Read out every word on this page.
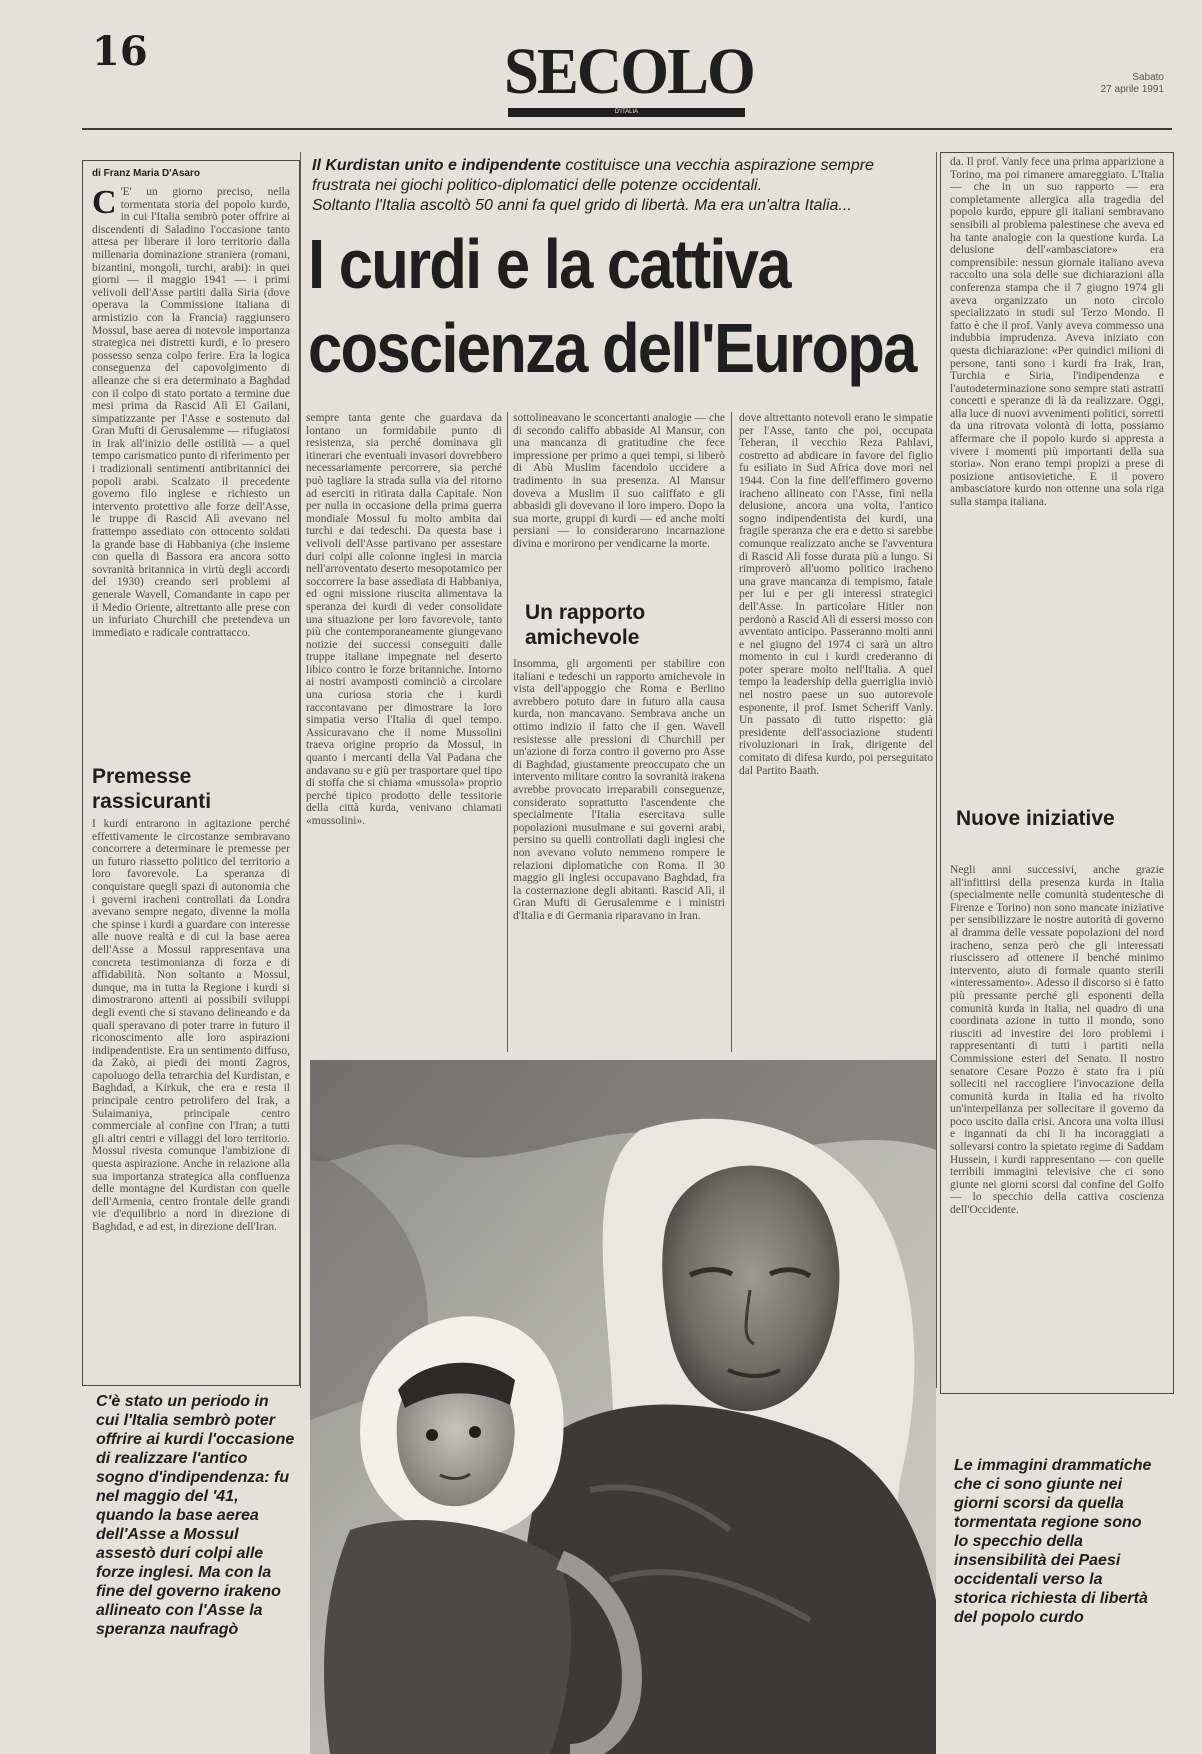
16	SECOLO
D'ITALIA
Sabato
27 aprile 1991
di Franz Maria D'Asaro
C 'E' un giorno preciso, nella tormentata storia del popolo kurdo, in cui l'Italia sembrò poter offrire ai discendenti di Saladino l'occasione tanto attesa per liberare il loro territorio dalla millenaria dominazione straniera (romani, bizantini, mongoli, turchi, arabi): in quei giorni — il maggio 1941 — i primi velivoli dell'Asse partiti dalla Siria (dove operava la Commissione italiana di armistizio con la Francia) raggiunsero Mossul, base aerea di notevole importanza strategica nei distretti kurdi, e lo presero possesso senza colpo ferire. Era la logica conseguenza del capovolgimento di alleanze che si era determinato a Baghdad con il colpo di stato portato a termine due mesi prima da Rascid Alì El Gailani, simpatizzante per l'Asse e sostenuto dal Gran Mufti di Gerusalemme — rifugiatosi in Irak all'inizio delle ostilità — a quel tempo carismatico punto di riferimento per i tradizionali sentimenti antibritannici dei popoli arabi. Scalzato il precedente governo filo inglese e richiesto un intervento protettivo alle forze dell'Asse, le truppe di Rascid Alì avevano nel frattempo assediato con ottocento soldati la grande base di Habbaniya (che insieme con quella di Bassora era ancora sotto sovranità britannica in virtù degli accordi del 1930) creando seri problemi al generale Wavell, Comandante in capo per il Medio Oriente, altrettanto alle prese con un infuriato Churchill che pretendeva un immediato e radicale contrattacco.
Premesse rassicuranti
I kurdi entrarono in agitazione perché effettivamente le circostanze sembravano concorrere a determinare le premesse per un futuro riassetto politico del territorio a loro favorevole. La speranza di conquistare quegli spazi di autonomia che i governi iracheni controllati da Londra avevano sempre negato, divenne la molla che spinse i kurdi a guardare con interesse alle nuove realtà e di cui la base aerea dell'Asse a Mossul rappresentava una concreta testimonianza di forza e di affidabilità. Non soltanto a Mossul, dunque, ma in tutta la Regione i kurdi si dimostrarono attenti ai possibili sviluppi degli eventi che si stavano delineando e da quali speravano di poter trarre in futuro il riconoscimento alle loro aspirazioni indipendentiste. Era un sentimento diffuso, da Zakò, ai piedi dei monti Zagros, capoluogo della tetrarchia del Kurdistan, e Baghdad, a Kirkuk, che era e resta il principale centro petrolifero del Irak, a Sulaimaniya, principale centro commerciale al confine con l'Iran; a tutti gli altri centri e villaggi del loro territorio. Mossul rivesta comunque l'ambizione di questa aspirazione. Anche in relazione alla sua importanza strategica alla confluenza delle montagne del Kurdistan con quelle dell'Armenia, centro frontale delle grandi vie d'equilibrio a nord in direzione di Baghdad, e ad est, in direzione dell'Iran.
Il Kurdistan unito e indipendente costituisce una vecchia aspirazione sempre frustrata nei giochi politico-diplomatici delle potenze occidentali.
Soltanto l'Italia ascoltò 50 anni fa quel grido di libertà. Ma era un'altra Italia...
I curdi e la cattiva
coscienza dell'Europa
sempre tanta gente che guardava da lontano un formidabile punto di resistenza, sia perché dominava gli itinerari che eventuali invasori dovrebbero necessariamente percorrere, sia perché può tagliare la strada sulla via del ritorno ad eserciti in ritirata dalla Capitale. Non per nulla in occasione della prima guerra mondiale Mossul fu molto ambita dai turchi e dai tedeschi. Da questa base i velivoli dell'Asse partivano per assestare duri colpi alle colonne inglesi in marcia nell'arroventato deserto mesopotamico per soccorrere la base assediata di Habbaniya, ed ogni missione riuscita alimentava la speranza dei kurdi di veder consolidate una situazione per loro favorevole, tanto più che contemporaneamente giungevano notizie dei successi conseguiti dalle truppe italiane impegnate nel deserto libico contro le forze britanniche. Intorno ai nostri avamposti cominciò a circolare una curiosa storia che i kurdi raccontavano per dimostrare la loro simpatia verso l'Italia di quel tempo. Assicuravano che il nome Mussolini traeva origine proprio da Mossul, in quanto i mercanti della Val Padana che andavano su e giù per trasportare quel tipo di stoffa che si chiama «mussola» proprio perché tipico prodotto delle tessitorie della città kurda, venivano chiamati «mussolini».
sottolineavano le sconcertanti analogie — che di secondo califfo abbaside Al Mansur, con una mancanza di gratitudine che fece impressione per primo a quei tempi, si liberò di Abù Muslim facendolo uccidere a tradimento in sua presenza. Al Mansur doveva a Muslim il suo califfato e gli abbasidi gli dovevano il loro impero. Dopo la sua morte, gruppi di kurdi — ed anche molti persiani — lo considerarono incarnazione divina e morirono per vendicarne la morte.
Un rapporto amichevole
Insomma, gli argomenti per stabilire con italiani e tedeschi un rapporto amichevole in vista dell'appoggio che Roma e Berlino avrebbero potuto dare in futuro alla causa kurda, non mancavano. Sembrava anche un ottimo indizio il fatto che il gen. Wavell resistesse alle pressioni di Churchill per un'azione di forza contro il governo pro Asse di Baghdad, giustamente preoccupato che un intervento militare contro la sovranità irakena avrebbe provocato irreparabili conseguenze, considerato soprattutto l'ascendente che specialmente l'Italia esercitava sulle popolazioni musulmane e sui governi arabi, persino su quelli controllati dagli inglesi che non avevano voluto nemmeno rompere le relazioni diplomatiche con Roma. Il 30 maggio gli inglesi occupavano Baghdad, fra la costernazione degli abitanti. Rascid Alì, il Gran Mufti di Gerusalemme e i ministri d'Italia e di Germania riparavano in Iran.
dove altrettanto notevoli erano le simpatie per l'Asse, tanto che poi, occupata Teheran, il vecchio Reza Pahlavi, costretto ad abdicare in favore del figlio fu esiliato in Sud Africa dove morì nel 1944. Con la fine dell'effimero governo iracheno allineato con l'Asse, finì nella delusione, ancora una volta, l'antico sogno indipendentista dei kurdi, una fragile speranza che era e detto si sarebbe comunque realizzato anche se l'avventura di Rascid Alì fosse durata più a lungo. Si rimproverò all'uomo politico iracheno una grave mancanza di tempismo, fatale per lui e per gli interessi strategici dell'Asse. In particolare Hitler non perdonò a Rascid Alì di essersi mosso con avventato anticipo. Passeranno molti anni e nel giugno del 1974 ci sarà un altro momento in cui i kurdi crederanno di poter sperare molto nell'Italia. A quel tempo la leadership della guerriglia inviò nel nostro paese un suo autorevole esponente, il prof. Ismet Scheriff Vanly. Un passato di tutto rispetto: già presidente dell'associazione studenti rivoluzionari in Irak, dirigente del comitato di difesa kurdo, poi perseguitato dal Partito Baath.
da. Il prof. Vanly fece una prima apparizione a Torino, ma poi rimanere amareggiato. L'Italia — che in un suo rapporto — era completamente allergica alla tragedia del popolo kurdo, eppure gli italiani sembravano sensibili al problema palestinese che aveva ed ha tante analogie con la questione kurda. La delusione dell'«ambasciatore» era comprensibile: nessun giornale italiano aveva raccolto una sola delle sue dichiarazioni alla conferenza stampa che il 7 giugno 1974 gli aveva organizzato un noto circolo specializzato in studi sul Terzo Mondo. Il fatto è che il prof. Vanly aveva commesso una indubbia imprudenza. Aveva iniziato con questa dichiarazione: «Per quindici milioni di persone, tanti sono i kurdi fra Irak, Iran, Turchia e Siria, l'indipendenza e l'autodeterminazione sono sempre stati astratti concetti e speranze di là da realizzare. Oggi, alla luce di nuovi avvenimenti politici, sorretti da una ritrovata volontà di lotta, possiamo affermare che il popolo kurdo si appresta a vivere i momenti più importanti della sua storia». Non erano tempi propizi a prese di posizione antisovietiche. E il povero ambasciatore kurdo non ottenne una sola riga sulla stampa italiana.
Nuove iniziative
Negli anni successivi, anche grazie all'infittirsi della presenza kurda in Italia (specialmente nelle comunità studentesche di Firenze e Torino) non sono mancate iniziative per sensibilizzare le nostre autorità di governo al dramma delle vessate popolazioni del nord iracheno, senza però che gli interessati riuscissero ad ottenere il benché minimo intervento, aiuto di formale quanto sterili «interessamento». Adesso il discorso si è fatto più pressante perché gli esponenti della comunità kurda in Italia, nel quadro di una coordinata azione in tutto il mondo, sono riusciti ad investire dei loro problemi i rappresentanti di tutti i partiti nella Commissione esteri del Senato. Il nostro senatore Cesare Pozzo è stato fra i più solleciti nel raccogliere l'invocazione della comunità kurda in Italia ed ha rivolto un'interpellanza per sollecitare il governo da poco uscito dalla crisi. Ancora una volta illusi e ingannati da chi li ha incoraggiati a sollevarsi contro la spietato regime di Saddam Hussein, i kurdi rappresentano — con quelle terribili immagini televisive che ci sono giunte nei giorni scorsi dal confine del Golfo — lo specchio della cattiva coscienza dell'Occidente.
C'è stato un periodo in cui l'Italia sembrò poter offrire ai kurdi l'occasione di realizzare l'antico sogno d'indipendenza: fu nel maggio del '41, quando la base aerea dell'Asse a Mossul assestò duri colpi alle forze inglesi. Ma con la fine del governo irakeno allineato con l'Asse la speranza naufragò
Le immagini drammatiche che ci sono giunte nei giorni scorsi da quella tormentata regione sono lo specchio della insensibilità dei Paesi occidentali verso la storica richiesta di libertà del popolo curdo
